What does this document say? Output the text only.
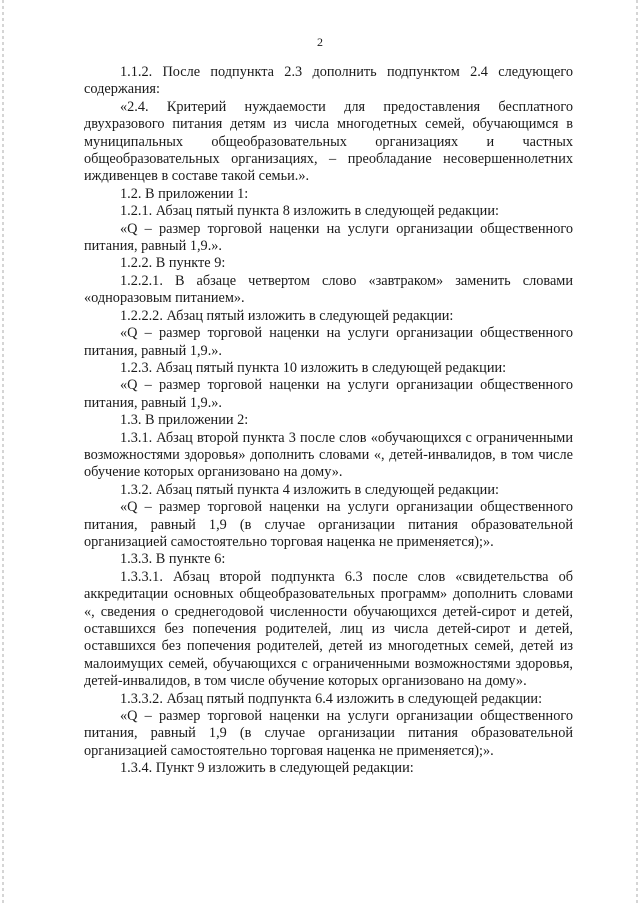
2

1.1.2. После подпункта 2.3 дополнить подпунктом 2.4 следующего содержания:

«2.4. Критерий нуждаемости для предоставления бесплатного двухразового питания детям из числа многодетных семей, обучающимся в муниципальных общеобразовательных организациях и частных общеобразовательных организациях, – преобладание несовершеннолетних иждивенцев в составе такой семьи.».

1.2. В приложении 1:

1.2.1. Абзац пятый пункта 8 изложить в следующей редакции:

«Q – размер торговой наценки на услуги организации общественного питания, равный 1,9.».

1.2.2. В пункте 9:

1.2.2.1. В абзаце четвертом слово «завтраком» заменить словами «одноразовым питанием».

1.2.2.2. Абзац пятый изложить в следующей редакции:

«Q – размер торговой наценки на услуги организации общественного питания, равный 1,9.».

1.2.3. Абзац пятый пункта 10 изложить в следующей редакции:

«Q – размер торговой наценки на услуги организации общественного питания, равный 1,9.».

1.3. В приложении 2:

1.3.1. Абзац второй пункта 3 после слов «обучающихся с ограниченными возможностями здоровья» дополнить словами «, детей-инвалидов, в том числе обучение которых организовано на дому».

1.3.2. Абзац пятый пункта 4 изложить в следующей редакции:

«Q – размер торговой наценки на услуги организации общественного питания, равный 1,9 (в случае организации питания образовательной организацией самостоятельно торговая наценка не применяется);».

1.3.3. В пункте 6:

1.3.3.1. Абзац второй подпункта 6.3 после слов «свидетельства об аккредитации основных общеобразовательных программ» дополнить словами «, сведения о среднегодовой численности обучающихся детей-сирот и детей, оставшихся без попечения родителей, лиц из числа детей-сирот и детей, оставшихся без попечения родителей, детей из многодетных семей, детей из малоимущих семей, обучающихся с ограниченными возможностями здоровья, детей-инвалидов, в том числе обучение которых организовано на дому».

1.3.3.2. Абзац пятый подпункта 6.4 изложить в следующей редакции:

«Q – размер торговой наценки на услуги организации общественного питания, равный 1,9 (в случае организации питания образовательной организацией самостоятельно торговая наценка не применяется);».

1.3.4. Пункт 9 изложить в следующей редакции:
